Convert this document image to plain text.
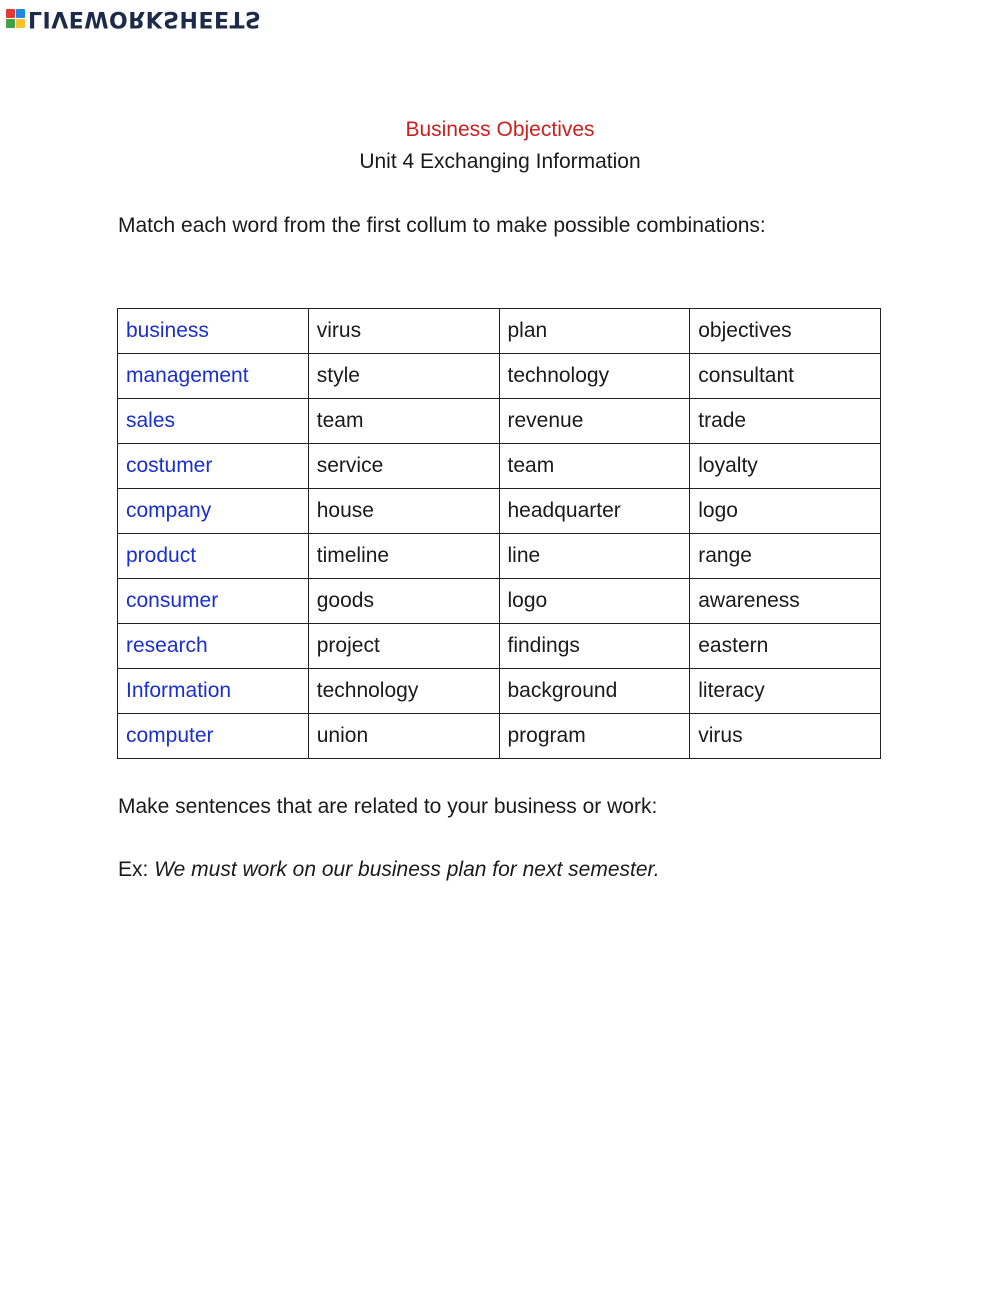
LIVEWORKSHEETS
Business Objectives
Unit 4 Exchanging Information
Match each word from the first collum to make possible combinations:
business	virus	plan	objectives
management	style	technology	consultant
sales	team	revenue	trade
costumer	service	team	loyalty
company	house	headquarter	logo
product	timeline	line	range
consumer	goods	logo	awareness
research	project	findings	eastern
Information	technology	background	literacy
computer	union	program	virus
Make sentences that are related to your business or work:
Ex: We must work on our business plan for next semester.
